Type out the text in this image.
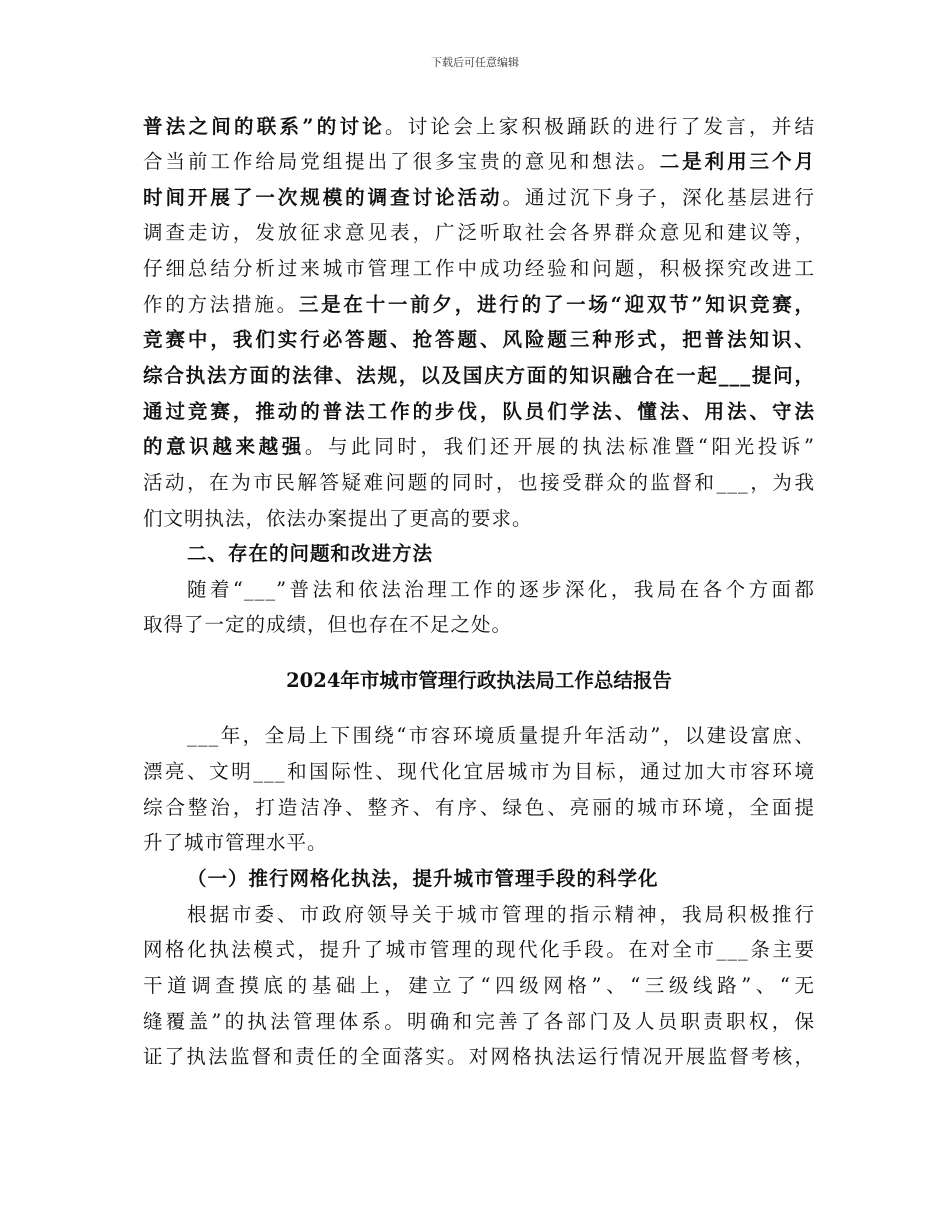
下载后可任意编辑
普法之间的联系”的讨论。讨论会上家积极踊跃的进行了发言，并结
合当前工作给局党组提出了很多宝贵的意见和想法。二是利用三个月
时间开展了一次规模的调查讨论活动。通过沉下身子，深化基层进行
调查走访，发放征求意见表，广泛听取社会各界群众意见和建议等，
仔细总结分析过来城市管理工作中成功经验和问题，积极探究改进工
作的方法措施。三是在十一前夕，进行的了一场“迎双节”知识竞赛，
竞赛中，我们实行必答题、抢答题、风险题三种形式，把普法知识、
综合执法方面的法律、法规，以及国庆方面的知识融合在一起___提问，
通过竞赛，推动的普法工作的步伐，队员们学法、懂法、用法、守法
的意识越来越强。与此同时，我们还开展的执法标准暨“阳光投诉”
活动，在为市民解答疑难问题的同时，也接受群众的监督和___，为我
们文明执法，依法办案提出了更高的要求。
二、存在的问题和改进方法
随着“___”普法和依法治理工作的逐步深化，我局在各个方面都
取得了一定的成绩，但也存在不足之处。
2024年市城市管理行政执法局工作总结报告
___年，全局上下围绕“市容环境质量提升年活动”，以建设富庶、
漂亮、文明___和国际性、现代化宜居城市为目标，通过加大市容环境
综合整治，打造洁净、整齐、有序、绿色、亮丽的城市环境，全面提
升了城市管理水平。
（一）推行网格化执法，提升城市管理手段的科学化
根据市委、市政府领导关于城市管理的指示精神，我局积极推行
网格化执法模式，提升了城市管理的现代化手段。在对全市___条主要
干道调查摸底的基础上，建立了“四级网格”、“三级线路”、“无
缝覆盖”的执法管理体系。明确和完善了各部门及人员职责职权，保
证了执法监督和责任的全面落实。对网格执法运行情况开展监督考核，
